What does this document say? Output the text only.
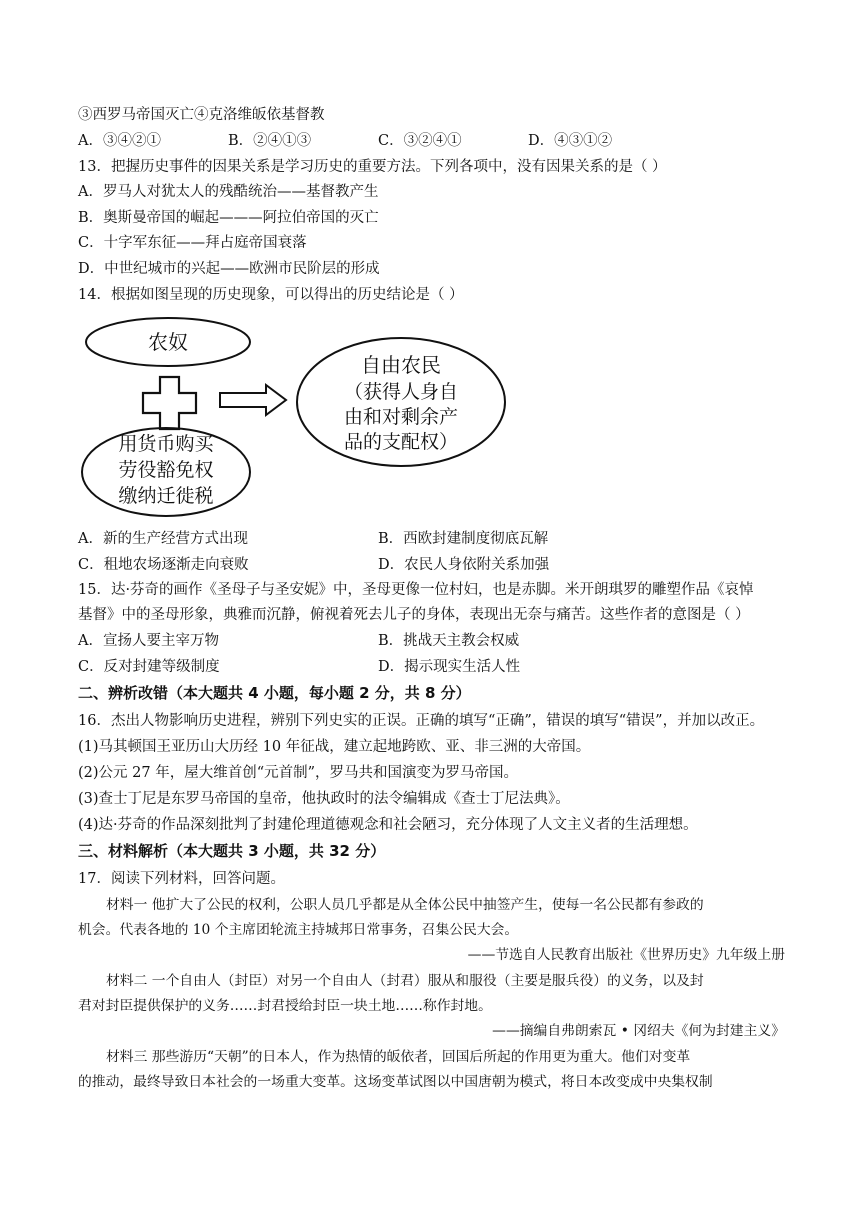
③西罗马帝国灭亡④克洛维皈依基督教
A．③④②①	B．②④①③	C．③②④①	D．④③①②
13．把握历史事件的因果关系是学习历史的重要方法。下列各项中，没有因果关系的是（ ）
A．罗马人对犹太人的残酷统治——基督教产生
B．奥斯曼帝国的崛起———阿拉伯帝国的灭亡
C．十字军东征——拜占庭帝国衰落
D．中世纪城市的兴起——欧洲市民阶层的形成
14．根据如图呈现的历史现象，可以得出的历史结论是（ ）
农奴
用货币购买
劳役豁免权
缴纳迁徙税
自由农民
（获得人身自
由和对剩余产
品的支配权）
A．新的生产经营方式出现	B．西欧封建制度彻底瓦解
C．租地农场逐渐走向衰败	D．农民人身依附关系加强
15．达·芬奇的画作《圣母子与圣安妮》中，圣母更像一位村妇，也是赤脚。米开朗琪罗的雕塑作品《哀悼
基督》中的圣母形象，典雅而沉静，俯视着死去儿子的身体，表现出无奈与痛苦。这些作者的意图是（ ）
A．宣扬人要主宰万物	B．挑战天主教会权威
C．反对封建等级制度	D．揭示现实生活人性
二、辨析改错（本大题共 4 小题，每小题 2 分，共 8 分）
16．杰出人物影响历史进程，辨别下列史实的正误。正确的填写“正确”，错误的填写“错误”，并加以改正。
(1)马其顿国王亚历山大历经 10 年征战，建立起地跨欧、亚、非三洲的大帝国。
(2)公元 27 年，屋大维首创“元首制”，罗马共和国演变为罗马帝国。
(3)查士丁尼是东罗马帝国的皇帝，他执政时的法令编辑成《查士丁尼法典》。
(4)达·芬奇的作品深刻批判了封建伦理道德观念和社会陋习，充分体现了人文主义者的生活理想。
三、材料解析（本大题共 3 小题，共 32 分）
17．阅读下列材料，回答问题。
材料一 他扩大了公民的权利，公职人员几乎都是从全体公民中抽签产生，使每一名公民都有参政的
机会。代表各地的 10 个主席团轮流主持城邦日常事务，召集公民大会。
——节选自人民教育出版社《世界历史》九年级上册
材料二 一个自由人（封臣）对另一个自由人（封君）服从和服役（主要是服兵役）的义务，以及封
君对封臣提供保护的义务……封君授给封臣一块土地……称作封地。
——摘编自弗朗索瓦 • 冈绍夫《何为封建主义》
材料三 那些游历“天朝”的日本人，作为热情的皈依者，回国后所起的作用更为重大。他们对变革
的推动，最终导致日本社会的一场重大变革。这场变革试图以中国唐朝为模式，将日本改变成中央集权制
